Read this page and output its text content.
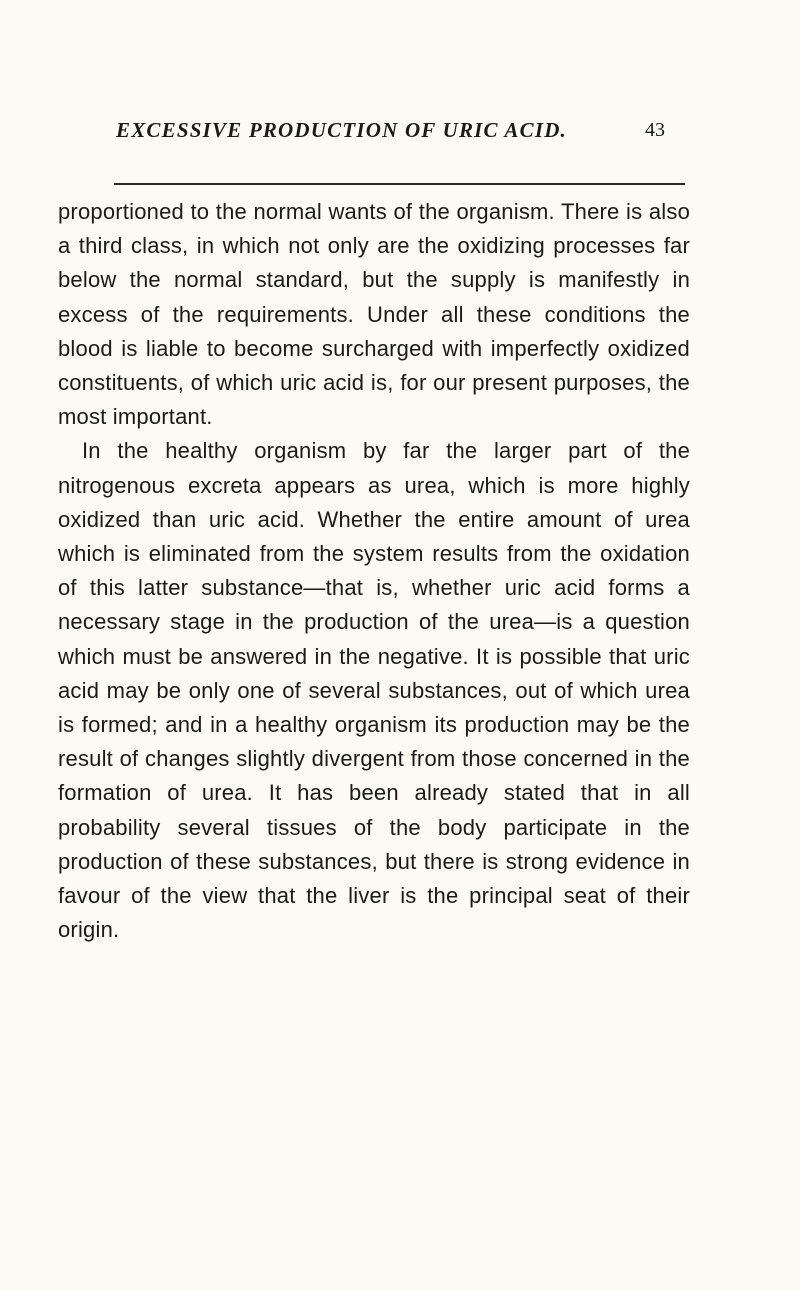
EXCESSIVE PRODUCTION OF URIC ACID.	43

proportioned to the normal wants of the organism. There is also a third class, in which not only are the oxidizing processes far below the normal standard, but the supply is manifestly in excess of the requirements. Under all these conditions the blood is liable to become surcharged with imperfectly oxidized constituents, of which uric acid is, for our present purposes, the most important.

In the healthy organism by far the larger part of the nitrogenous excreta appears as urea, which is more highly oxidized than uric acid. Whether the entire amount of urea which is eliminated from the system results from the oxidation of this latter substance—that is, whether uric acid forms a necessary stage in the production of the urea—is a question which must be answered in the negative. It is possible that uric acid may be only one of several substances, out of which urea is formed; and in a healthy organism its production may be the result of changes slightly divergent from those concerned in the formation of urea. It has been already stated that in all probability several tissues of the body participate in the production of these substances, but there is strong evidence in favour of the view that the liver is the principal seat of their origin.
